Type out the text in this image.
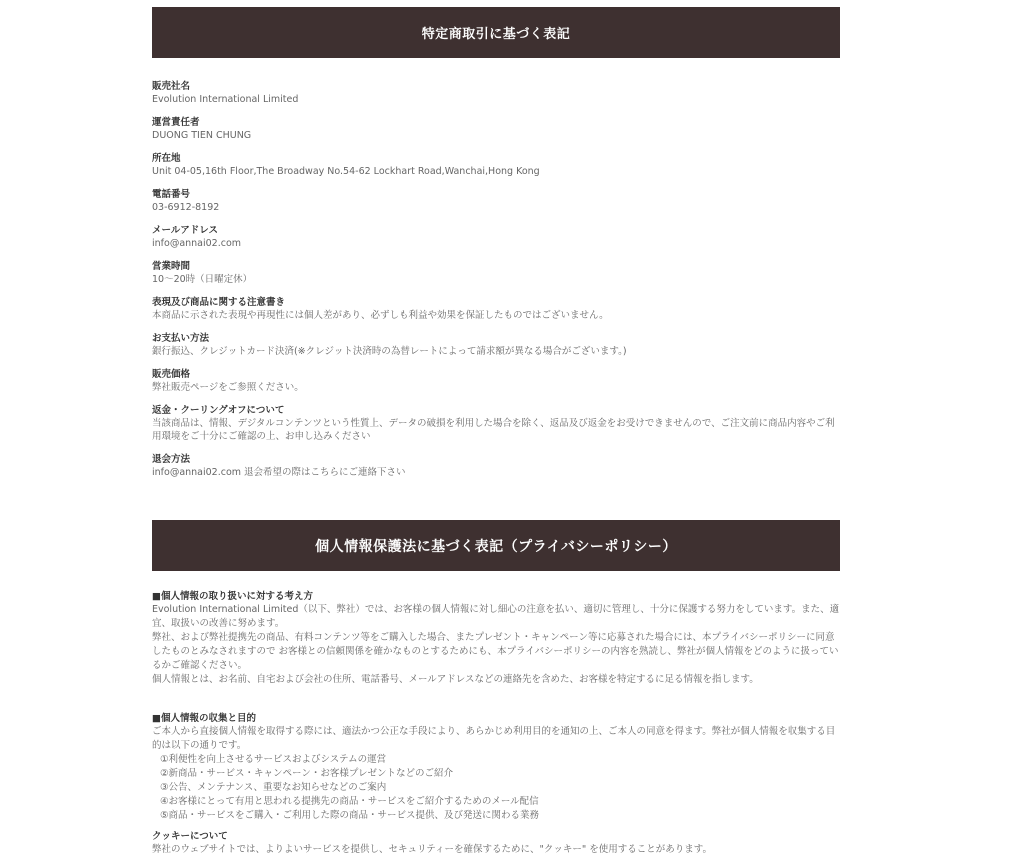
特定商取引に基づく表記
販売社名
Evolution International Limited
運営責任者
DUONG TIEN CHUNG
所在地
Unit 04-05,16th Floor,The Broadway No.54-62 Lockhart Road,Wanchai,Hong Kong
電話番号
03-6912-8192
メールアドレス
info@annai02.com
営業時間
10～20時（日曜定休）
表現及び商品に関する注意書き
本商品に示された表現や再現性には個人差があり、必ずしも利益や効果を保証したものではございません。
お支払い方法
銀行振込、クレジットカード決済(※クレジット決済時の為替レートによって請求額が異なる場合がございます。)
販売価格
弊社販売ページをご参照ください。
返金・クーリングオフについて
当該商品は、情報、デジタルコンテンツという性質上、データの破損を利用した場合を除く、返品及び返金をお受けできませんので、ご注文前に商品内容やご利用環境をご十分にご確認の上、お申し込みください
退会方法
info@annai02.com 退会希望の際はこちらにご連絡下さい
個人情報保護法に基づく表記（プライバシーポリシー）
■個人情報の取り扱いに対する考え方
Evolution International Limited（以下、弊社）では、お客様の個人情報に対し細心の注意を払い、適切に管理し、十分に保護する努力をしています。また、適宜、取扱いの改善に努めます。
弊社、および弊社提携先の商品、有料コンテンツ等をご購入した場合、またプレゼント・キャンペーン等に応募された場合には、本プライバシーポリシーに同意したものとみなされますので お客様との信頼関係を確かなものとするためにも、本プライバシーポリシーの内容を熟読し、弊社が個人情報をどのように扱っているかご確認ください。
個人情報とは、お名前、自宅および会社の住所、電話番号、メールアドレスなどの連絡先を含めた、お客様を特定するに足る情報を指します。
■個人情報の収集と目的
ご本人から直接個人情報を取得する際には、適法かつ公正な手段により、あらかじめ利用目的を通知の上、ご本人の同意を得ます。弊社が個人情報を収集する目的は以下の通りです。
①利便性を向上させるサービスおよびシステムの運営
②新商品・サービス・キャンペーン・お客様プレゼントなどのご紹介
③公告、メンテナンス、重要なお知らせなどのご案内
④お客様にとって有用と思われる提携先の商品・サービスをご紹介するためのメール配信
⑤商品・サービスをご購入・ご利用した際の商品・サービス提供、及び発送に関わる業務
クッキーについて
弊社のウェブサイトでは、よりよいサービスを提供し、セキュリティーを確保するために、"クッキー" を使用することがあります。
